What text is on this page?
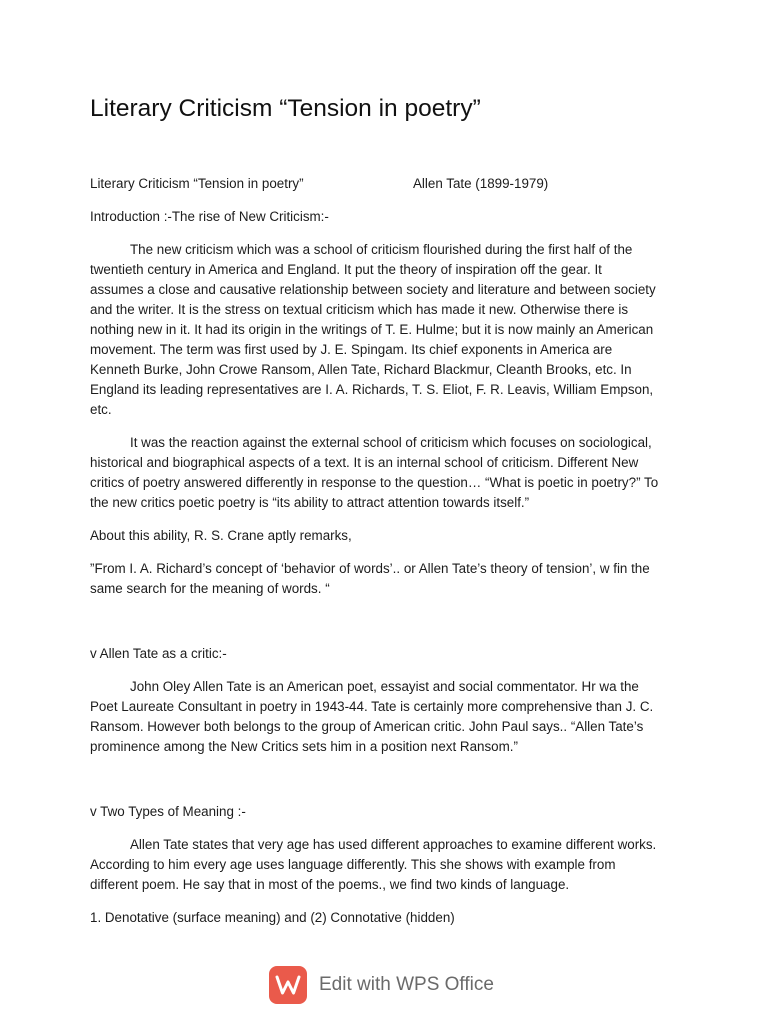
Literary Criticism “Tension in poetry”
Literary Criticism “Tension in poetry”	Allen Tate (1899-1979)

Introduction :-The rise of New Criticism:-

The new criticism which was a school of criticism flourished during the first half of the
twentieth century in America and England. It put the theory of inspiration off the gear. It
assumes a close and causative relationship between society and literature and between society
and the writer. It is the stress on textual criticism which has made it new. Otherwise there is
nothing new in it. It had its origin in the writings of T. E. Hulme; but it is now mainly an American
movement. The term was first used by J. E. Spingam. Its chief exponents in America are
Kenneth Burke, John Crowe Ransom, Allen Tate, Richard Blackmur, Cleanth Brooks, etc. In
England its leading representatives are I. A. Richards, T. S. Eliot, F. R. Leavis, William Empson,
etc.

It was the reaction against the external school of criticism which focuses on sociological,
historical and biographical aspects of a text. It is an internal school of criticism. Different New
critics of poetry answered differently in response to the question… “What is poetic in poetry?” To
the new critics poetic poetry is “its ability to attract attention towards itself.”

About this ability, R. S. Crane aptly remarks,

”From I. A. Richard’s concept of ‘behavior of words’.. or Allen Tate’s theory of tension’, w fin the
same search for the meaning of words. “

v Allen Tate as a critic:-

John Oley Allen Tate is an American poet, essayist and social commentator. Hr wa the
Poet Laureate Consultant in poetry in 1943-44. Tate is certainly more comprehensive than J. C.
Ransom. However both belongs to the group of American critic. John Paul says.. “Allen Tate’s
prominence among the New Critics sets him in a position next Ransom.”

v Two Types of Meaning :-

Allen Tate states that very age has used different approaches to examine different works.
According to him every age uses language differently. This she shows with example from
different poem. He say that in most of the poems., we find two kinds of language.

1. Denotative (surface meaning) and (2) Connotative (hidden)

Edit with WPS Office
